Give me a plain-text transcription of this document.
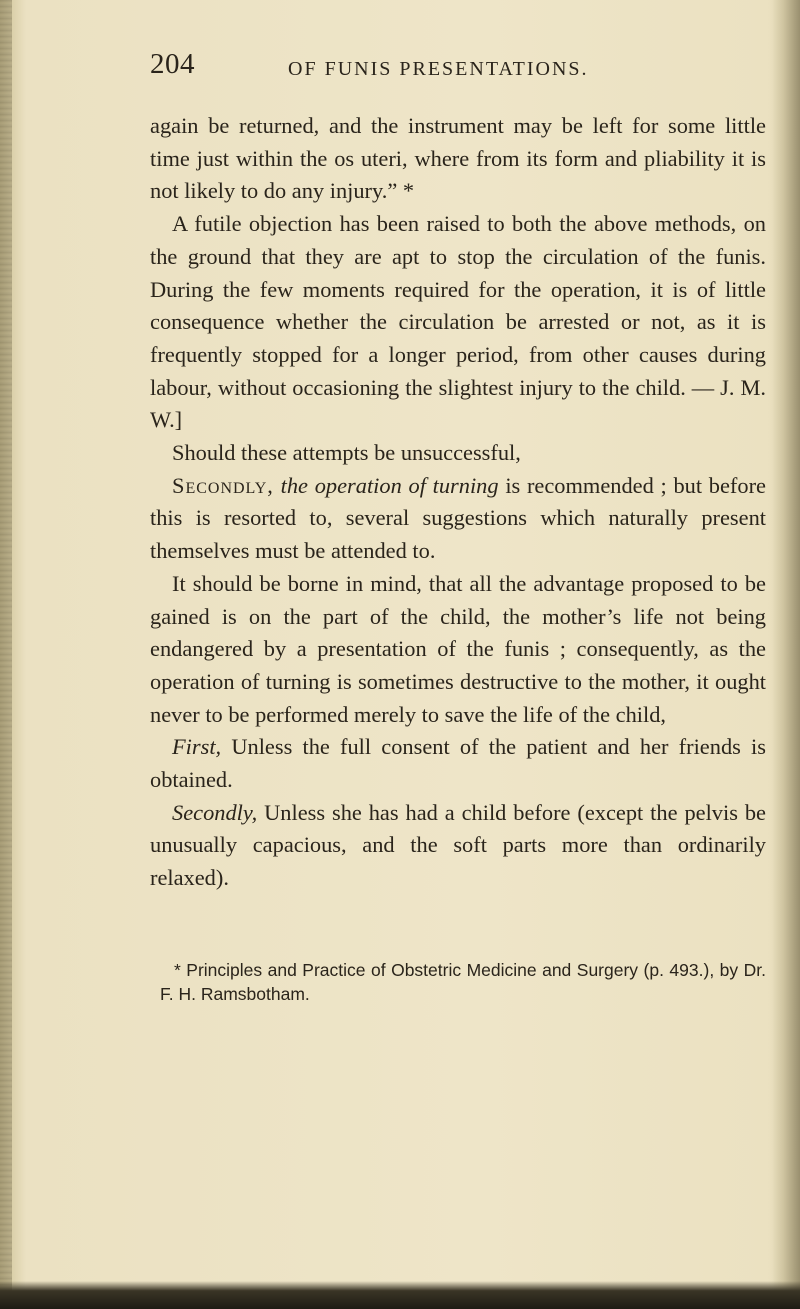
204	OF FUNIS PRESENTATIONS.

again be returned, and the instrument may be left for some little time just within the os uteri, where from its form and pliability it is not likely to do any injury.” *

A futile objection has been raised to both the above methods, on the ground that they are apt to stop the circulation of the funis. During the few moments required for the operation, it is of little consequence whether the circulation be arrested or not, as it is frequently stopped for a longer period, from other causes during labour, without occasioning the slightest injury to the child. — J. M. W.]

Should these attempts be unsuccessful,

Secondly, the operation of turning is recommended ; but before this is resorted to, several suggestions which naturally present themselves must be attended to.

It should be borne in mind, that all the advantage proposed to be gained is on the part of the child, the mother’s life not being endangered by a presentation of the funis ; consequently, as the operation of turning is sometimes destructive to the mother, it ought never to be performed merely to save the life of the child,

First, Unless the full consent of the patient and her friends is obtained.

Secondly, Unless she has had a child before (except the pelvis be unusually capacious, and the soft parts more than ordinarily relaxed).

* Principles and Practice of Obstetric Medicine and Surgery (p. 493.), by Dr. F. H. Ramsbotham.
